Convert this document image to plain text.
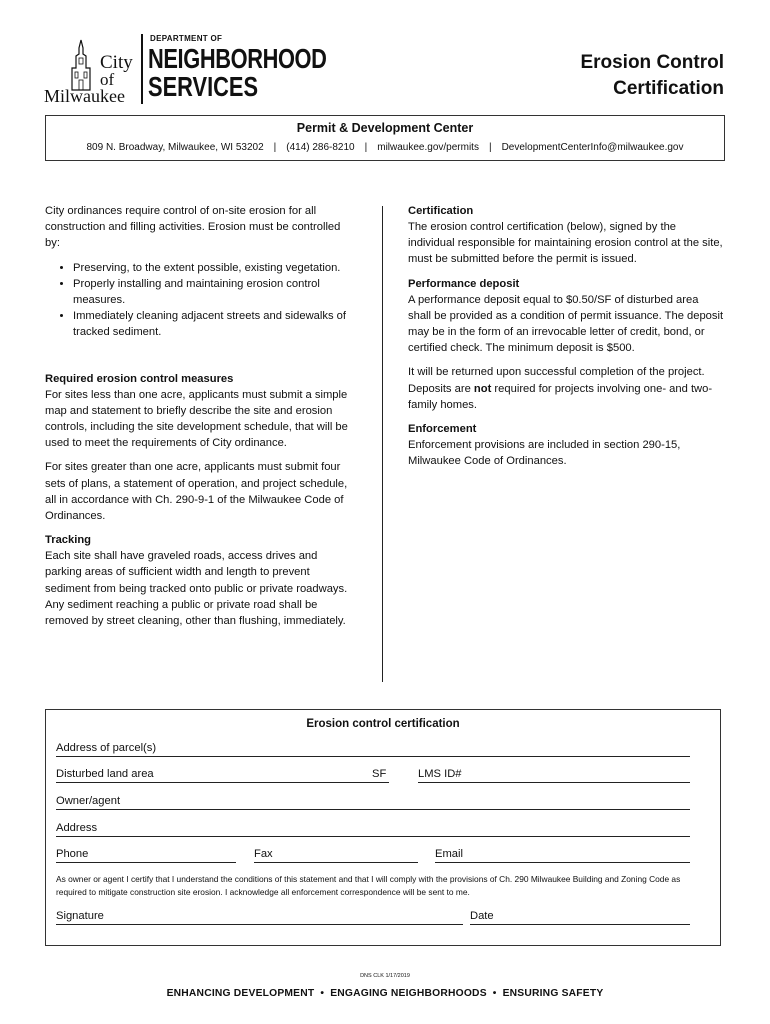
City
of
Milwaukee
DEPARTMENT OF
NEIGHBORHOOD
SERVICES
Erosion Control
Certification
Permit & Development Center
809 N. Broadway, Milwaukee, WI 53202 | (414) 286-8210 | milwaukee.gov/permits | DevelopmentCenterInfo@milwaukee.gov

City ordinances require control of on-site erosion for all construction and filling activities. Erosion must be controlled by:

• Preserving, to the extent possible, existing vegetation.
• Properly installing and maintaining erosion control measures.
• Immediately cleaning adjacent streets and sidewalks of tracked sediment.
Required erosion control measures

For sites less than one acre, applicants must submit a simple map and statement to briefly describe the site and erosion controls, including the site development schedule, that will be used to meet the requirements of City ordinance.

For sites greater than one acre, applicants must submit four sets of plans, a statement of operation, and project schedule, all in accordance with Ch. 290-9-1 of the Milwaukee Code of Ordinances.

Tracking

Each site shall have graveled roads, access drives and parking areas of sufficient width and length to prevent sediment from being tracked onto public or private roadways. Any sediment reaching a public or private road shall be removed by street cleaning, other than flushing, immediately.

Certification

The erosion control certification (below), signed by the individual responsible for maintaining erosion control at the site, must be submitted before the permit is issued.

Performance deposit

A performance deposit equal to $0.50/SF of disturbed area shall be provided as a condition of permit issuance. The deposit may be in the form of an irrevocable letter of credit, bond, or certified check. The minimum deposit is $500.

It will be returned upon successful completion of the project. Deposits are not required for projects involving one- and two-family homes.

Enforcement

Enforcement provisions are included in section 290-15, Milwaukee Code of Ordinances.

Erosion control certification
Address of parcel(s)
Disturbed land area	SF	LMS ID#
Owner/agent
Address
Phone	Fax	Email
As owner or agent I certify that I understand the conditions of this statement and that I will comply with the provisions of Ch. 290 Milwaukee Building and Zoning Code as required to mitigate construction site erosion. I acknowledge all enforcement correspondence will be sent to me.
Signature	Date
DNS CLK 1/17/2019
ENHANCING DEVELOPMENT • ENGAGING NEIGHBORHOODS • ENSURING SAFETY
